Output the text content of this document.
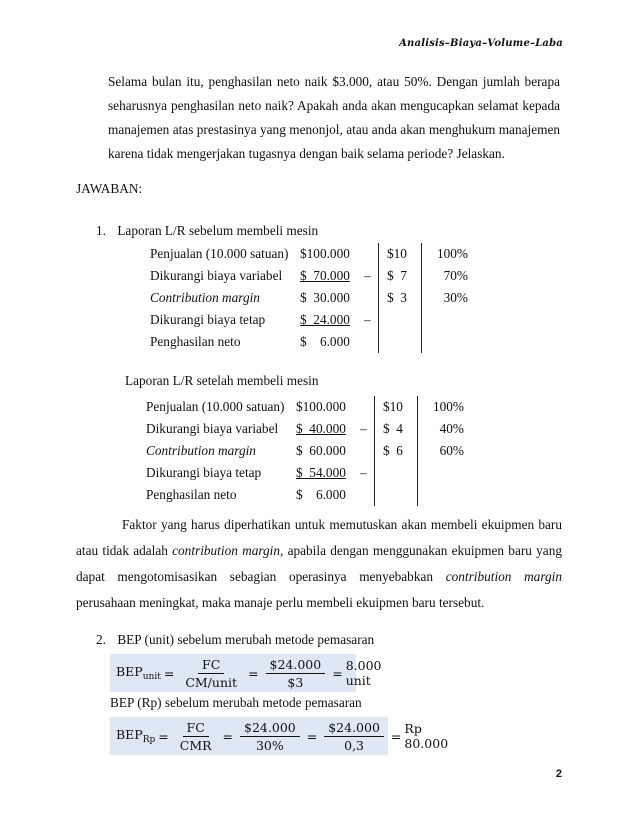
Analisis–Biaya–Volume–Laba
Selama bulan itu, penghasilan neto naik $3.000, atau 50%. Dengan jumlah berapa seharusnya penghasilan neto naik? Apakah anda akan mengucapkan selamat kepada manajemen atas prestasinya yang menonjol, atau anda akan menghukum manajemen karena tidak mengerjakan tugasnya dengan baik selama periode? Jelaskan.
JAWABAN:
1. Laporan L/R sebelum membeli mesin
Penjualan (10.000 satuan)	$100.000		$10	100%
Dikurangi biaya variabel	$  70.000	–	$  7	70%
Contribution margin	$  30.000		$  3	30%
Dikurangi biaya tetap	$  24.000	–		
Penghasilan neto	$    6.000			
Laporan L/R setelah membeli mesin
Penjualan (10.000 satuan)	$100.000		$10	100%
Dikurangi biaya variabel	$  40.000	–	$  4	40%
Contribution margin	$  60.000		$  6	60%
Dikurangi biaya tetap	$  54.000	–		
Penghasilan neto	$    6.000			
Faktor yang harus diperhatikan untuk memutuskan akan membeli ekuipmen baru atau tidak adalah contribution margin, apabila dengan menggunakan ekuipmen baru yang dapat mengotomisasikan sebagian operasinya menyebabkan contribution margin perusahaan meningkat, maka manaje perlu membeli ekuipmen baru tersebut.
2. BEP (unit) sebelum merubah metode pemasaran
$BEP_{unit} = \frac{FC}{\text{CM/unit}} = \frac{\$24.000}{\$3} = 8.000$ unit
BEP (Rp) sebelum merubah metode pemasaran
$BEP_{Rp} = \frac{FC}{\text{CMR}} = \frac{\$24.000}{30\%} = \frac{\$24.000}{0,3} = Rp$ 80.000
2
